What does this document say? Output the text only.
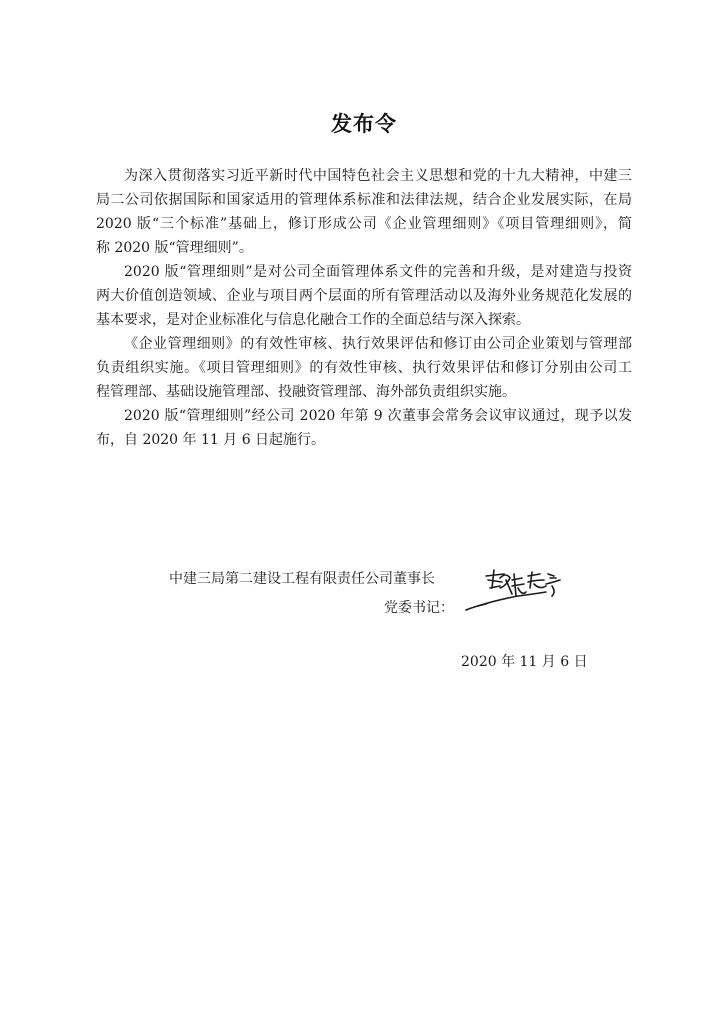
发布令
为深入贯彻落实习近平新时代中国特色社会主义思想和党的十九大精神，中建三
局二公司依据国际和国家适用的管理体系标准和法律法规，结合企业发展实际，在局
2020 版“三个标准”基础上，修订形成公司《企业管理细则》《项目管理细则》，简
称 2020 版“管理细则”。
2020 版“管理细则”是对公司全面管理体系文件的完善和升级，是对建造与投资
两大价值创造领域、企业与项目两个层面的所有管理活动以及海外业务规范化发展的
基本要求，是对企业标准化与信息化融合工作的全面总结与深入探索。
《企业管理细则》的有效性审核、执行效果评估和修订由公司企业策划与管理部
负责组织实施。《项目管理细则》的有效性审核、执行效果评估和修订分别由公司工
程管理部、基础设施管理部、投融资管理部、海外部负责组织实施。
2020 版“管理细则”经公司 2020 年第 9 次董事会常务会议审议通过，现予以发
布，自 2020 年 11 月 6 日起施行。
中建三局第二建设工程有限责任公司董事长
党委书记：
2020 年 11 月 6 日
